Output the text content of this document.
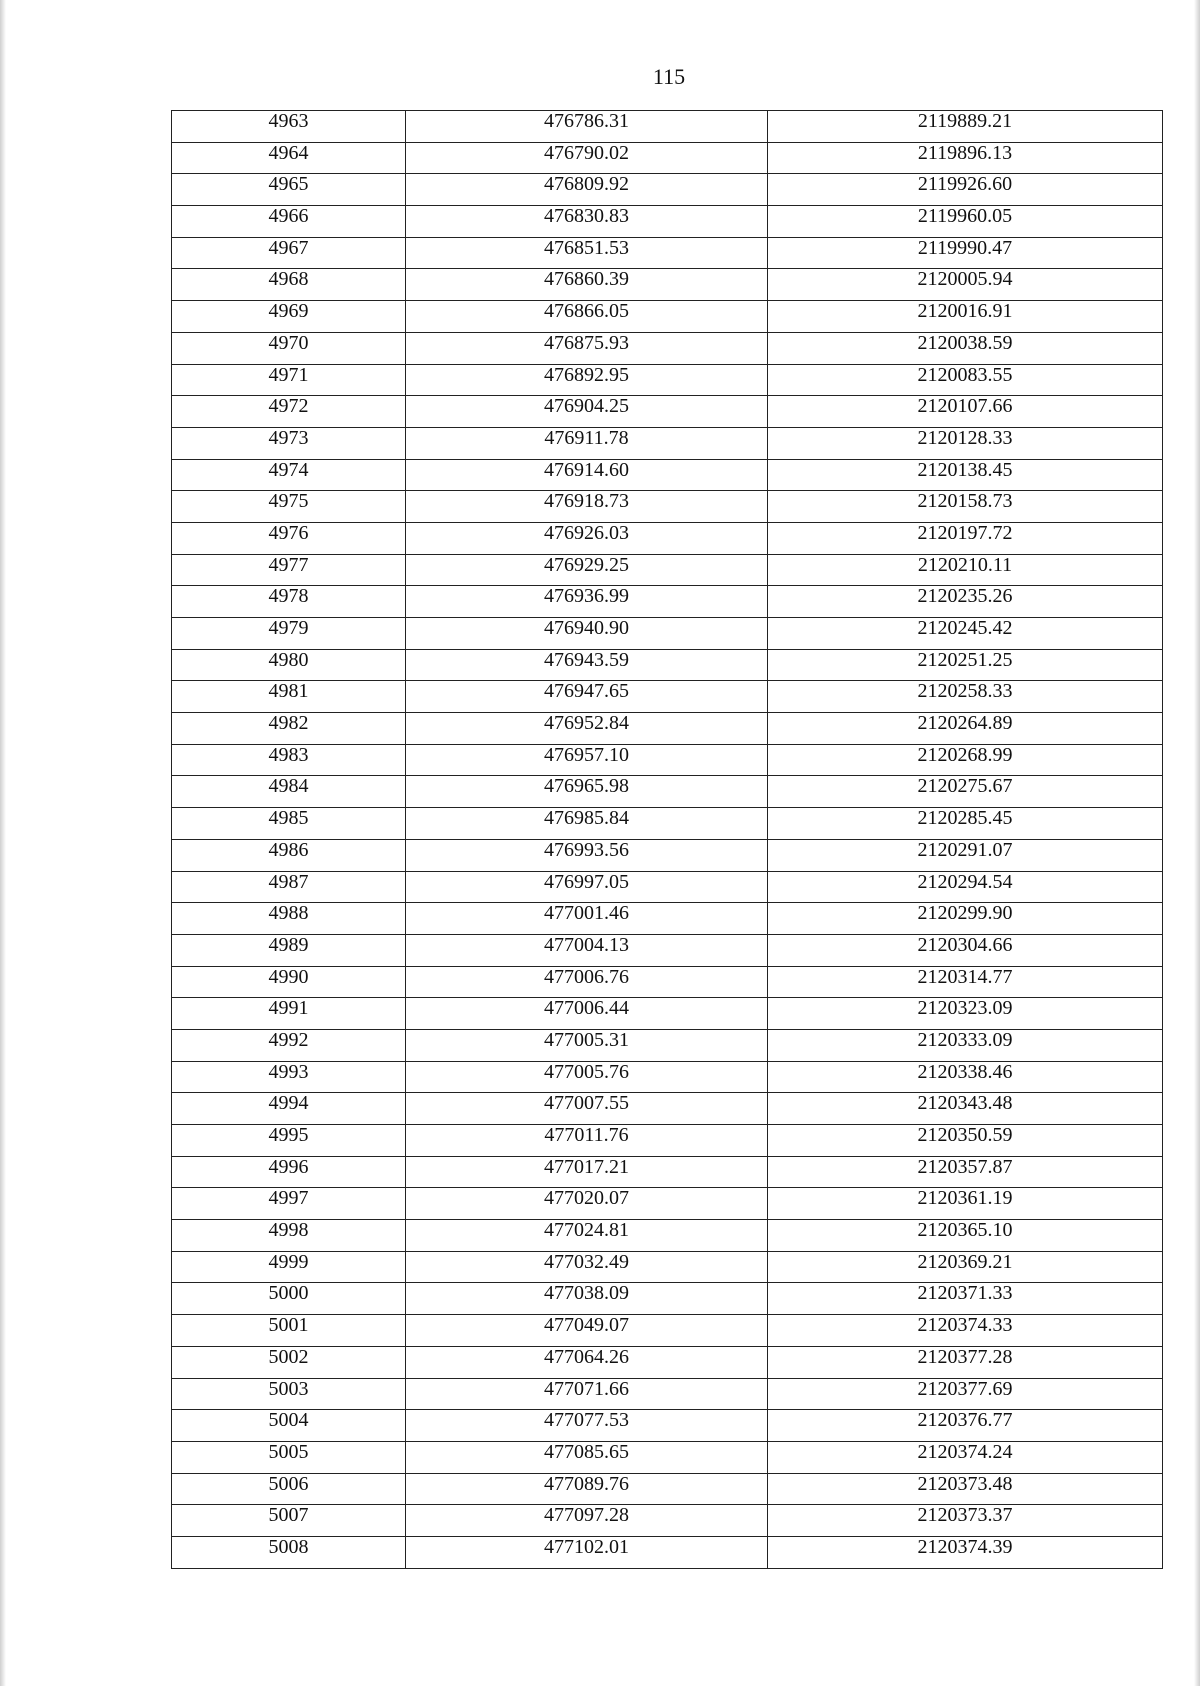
115
4963	476786.31	2119889.21
4964	476790.02	2119896.13
4965	476809.92	2119926.60
4966	476830.83	2119960.05
4967	476851.53	2119990.47
4968	476860.39	2120005.94
4969	476866.05	2120016.91
4970	476875.93	2120038.59
4971	476892.95	2120083.55
4972	476904.25	2120107.66
4973	476911.78	2120128.33
4974	476914.60	2120138.45
4975	476918.73	2120158.73
4976	476926.03	2120197.72
4977	476929.25	2120210.11
4978	476936.99	2120235.26
4979	476940.90	2120245.42
4980	476943.59	2120251.25
4981	476947.65	2120258.33
4982	476952.84	2120264.89
4983	476957.10	2120268.99
4984	476965.98	2120275.67
4985	476985.84	2120285.45
4986	476993.56	2120291.07
4987	476997.05	2120294.54
4988	477001.46	2120299.90
4989	477004.13	2120304.66
4990	477006.76	2120314.77
4991	477006.44	2120323.09
4992	477005.31	2120333.09
4993	477005.76	2120338.46
4994	477007.55	2120343.48
4995	477011.76	2120350.59
4996	477017.21	2120357.87
4997	477020.07	2120361.19
4998	477024.81	2120365.10
4999	477032.49	2120369.21
5000	477038.09	2120371.33
5001	477049.07	2120374.33
5002	477064.26	2120377.28
5003	477071.66	2120377.69
5004	477077.53	2120376.77
5005	477085.65	2120374.24
5006	477089.76	2120373.48
5007	477097.28	2120373.37
5008	477102.01	2120374.39
